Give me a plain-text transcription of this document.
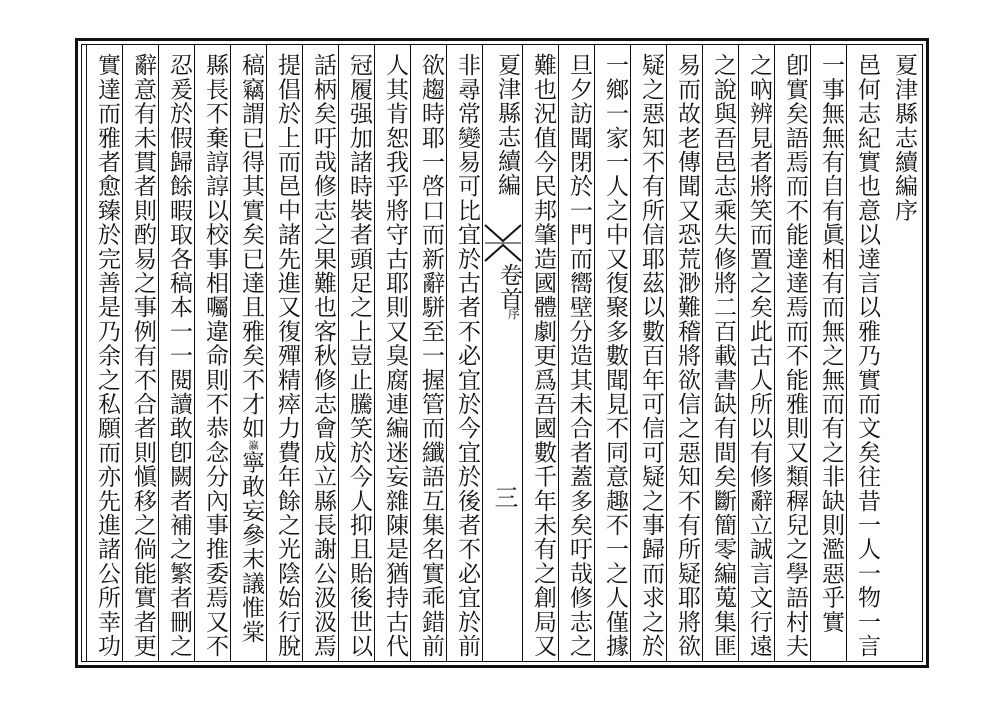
夏津縣志續編序
邑何志紀實也意以達言以雅乃實而文矣往昔一人一物一言
一事無無有自有眞相有而無之無而有之非缺則濫惡乎實
卽實矣語焉而不能達達焉而不能雅則又類稺兒之學語村夫
之吶辨見者將笑而置之矣此古人所以有修辭立誠言文行遠
之說與吾邑志乘失修將二百載書缺有間矣斷簡零編蒐集匪
易而故老傳聞又恐荒渺難稽將欲信之惡知不有所疑耶將欲
疑之惡知不有所信耶茲以數百年可信可疑之事歸而求之於
一鄉一家一人之中又復聚多數聞見不同意趣不一之人僅據
旦夕訪聞閉於一門而嚮壁分造其未合者蓋多矣吁哉修志之
難也況值今民邦肇造國體劇更爲吾國數千年未有之創局又
夏津縣志續編
卷首
序
三
非尋常變易可比宜於古者不必宜於今宜於後者不必宜於前
欲趨時耶一啓口而新辭駢至一握管而纖語互集名實乖錯前
人其肯恕我乎將守古耶則又臭腐連編迷妄雜陳是猶持古代
冠履强加諸時裝者頭足之上豈止騰笑於今人抑且貽後世以
話柄矣吁哉修志之果難也客秋修志會成立縣長謝公汲汲焉
提倡於上而邑中諸先進又復殫精瘁力費年餘之光陰始行脫
稿竊謂已得其實矣已達且雅矣不才如瀛寧敢妄參末議惟棠
縣長不棄諄諄以校事相囑違命則不恭念分內事推委焉又不
忍爰於假歸餘暇取各稿本一一閱讀敢卽闕者補之繁者刪之
辭意有未貫者則酌易之事例有不合者則愼移之倘能實者更
實達而雅者愈臻於完善是乃余之私願而亦先進諸公所幸功
